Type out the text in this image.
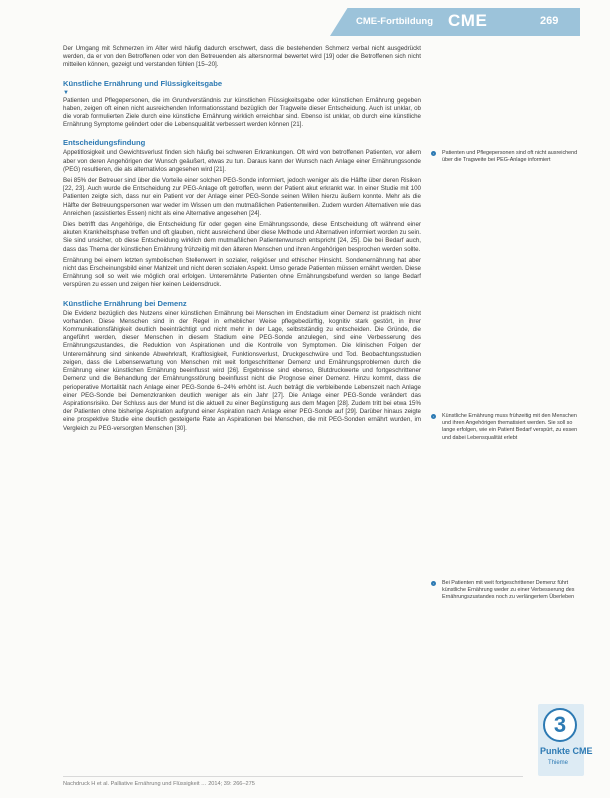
CME-Fortbildung CME	269

Der Umgang mit Schmerzen im Alter wird häufig dadurch erschwert, dass die bestehenden Schmerz verbal nicht ausgedrückt werden, da er von den Betroffenen oder von den Betreuenden als altersnormal bewertet wird [19] oder die Betroffenen sich nicht mitteilen können, gezeigt und verstanden fühlen [15–20].

Künstliche Ernährung und Flüssigkeitsgabe
▼

Patienten und Pflegepersonen, die im Grundverständnis zur künstlichen Flüssigkeitsgabe oder künstlichen Ernährung gegeben haben, zeigen oft einen nicht ausreichenden Informationsstand bezüglich der Tragweite dieser Entscheidung. Auch ist unklar, ob die vorab formulierten Ziele durch eine künstliche Ernährung wirklich erreichbar sind. Ebenso ist unklar, ob durch eine künstliche Ernährung Symptome gelindert oder die Lebensqualität verbessert werden können [21].

Entscheidungsfindung

Appetitlosigkeit und Gewichtsverlust finden sich häufig bei schweren Erkrankungen. Oft wird von betroffenen Patienten, vor allem aber von deren Angehörigen der Wunsch geäußert, etwas zu tun. Daraus kann der Wunsch nach Anlage einer Ernährungssonde (PEG) resultieren, die als alternativlos angesehen wird [21].

Bei 85% der Betreuer sind über die Vorteile einer solchen PEG-Sonde informiert, jedoch weniger als die Hälfte über deren Risiken [22, 23]. Auch wurde die Entscheidung zur PEG-Anlage oft getroffen, wenn der Patient akut erkrankt war. In einer Studie mit 100 Patienten zeigte sich, dass nur ein Patient vor der Anlage einer PEG-Sonde seinen Willen hierzu äußern konnte. Mehr als die Hälfte der Betreuungspersonen war weder im Wissen um den mutmaßlichen Patientenwillen. Zudem wurden Alternativen wie das Anreichen (assistiertes Essen) nicht als eine Alternative angesehen [24].

Dies betrifft das Angehörige, die Entscheidung für oder gegen eine Ernährungssonde, diese Entscheidung oft während einer akuten Krankheitsphase treffen und oft glauben, nicht ausreichend über diese Methode und Alternativen informiert worden zu sein. Sie sind unsicher, ob diese Entscheidung wirklich dem mutmaßlichen Patientenwunsch entspricht [24, 25]. Die bei Bedarf auch, dass das Thema der künstlichen Ernährung frühzeitig mit den älteren Menschen und ihren Angehörigen besprochen werden sollte.

Ernährung bei einem letzten symbolischen Stellenwert in sozialer, religiöser und ethischer Hinsicht. Sondenernährung hat aber nicht das Erscheinungsbild einer Mahlzeit und nicht deren sozialen Aspekt. Umso gerade Patienten müssen ernährt werden. Diese Ernährung soll so weit wie möglich oral erfolgen. Unterernährte Patienten ohne Ernährungsbefund werden so lange Bedarf verspüren zu essen und zeigen hier keinen Leidensdruck.

Künstliche Ernährung bei Demenz

Die Evidenz bezüglich des Nutzens einer künstlichen Ernährung bei Menschen im Endstadium einer Demenz ist praktisch nicht vorhanden. Diese Menschen sind in der Regel in erheblicher Weise pflegebedürftig, kognitiv stark gestört, in ihrer Kommunikationsfähigkeit deutlich beeinträchtigt und nicht mehr in der Lage, selbstständig zu entscheiden. Die Gründe, die angeführt werden, dieser Menschen in diesem Stadium eine PEG-Sonde anzulegen, sind eine Verbesserung des Ernährungszustandes, die Reduktion von Aspirationen und die Kontrolle von Symptomen. Die klinischen Folgen der Unterernährung sind sinkende Abwehrkraft, Kraftlosigkeit, Funktionsverlust, Druckgeschwüre und Tod. Beobachtungsstudien zeigen, dass die Lebenserwartung von Menschen mit weit fortgeschrittener Demenz und Ernährungsproblemen durch die Ernährung einer künstlichen Ernährung beeinflusst wird [26]. Ergebnisse sind ebenso, Blutdruckwerte und fortgeschrittener Demenz und die Behandlung der Ernährungsstörung beeinflusst nicht die Prognose einer Demenz. Hinzu kommt, dass die perioperative Mortalität nach Anlage einer PEG-Sonde 6–24% erhöht ist. Auch beträgt die verbleibende Lebenszeit nach Anlage einer PEG-Sonde bei Demenzkranken deutlich weniger als ein Jahr [27]. Die Anlage einer PEG-Sonde verändert das Aspirationsrisiko. Der Schluss aus der Mund ist die aktuell zu einer Begünstigung aus dem Magen [28]. Zudem tritt bei etwa 15% der Patienten ohne bisherige Aspiration aufgrund einer Aspiration nach Anlage einer PEG-Sonde auf [29]. Darüber hinaus zeigte eine prospektive Studie eine deutlich gesteigerte Rate an Aspirationen bei Menschen, die mit PEG-Sonden ernährt wurden, im Vergleich zu PEG-versorgten Menschen [30].

◦	Patienten und Pflegepersonen sind oft nicht ausreichend über die Tragweite bei PEG-Anlage informiert
◦	Künstliche Ernährung muss frühzeitig mit den Menschen und ihren Angehörigen thematisiert werden. Sie soll so lange erfolgen, wie ein Patient Bedarf verspürt, zu essen und dabei Lebensqualität erlebt
◦	Bei Patienten mit weit fortgeschrittener Demenz führt künstliche Ernährung weder zu einer Verbesserung des Ernährungszustandes noch zu verlängertem Überleben
3
Punkte CME
Thieme
Nachdruck H et al. Palliative Ernährung und Flüssigkeit … 2014; 39: 266–275
